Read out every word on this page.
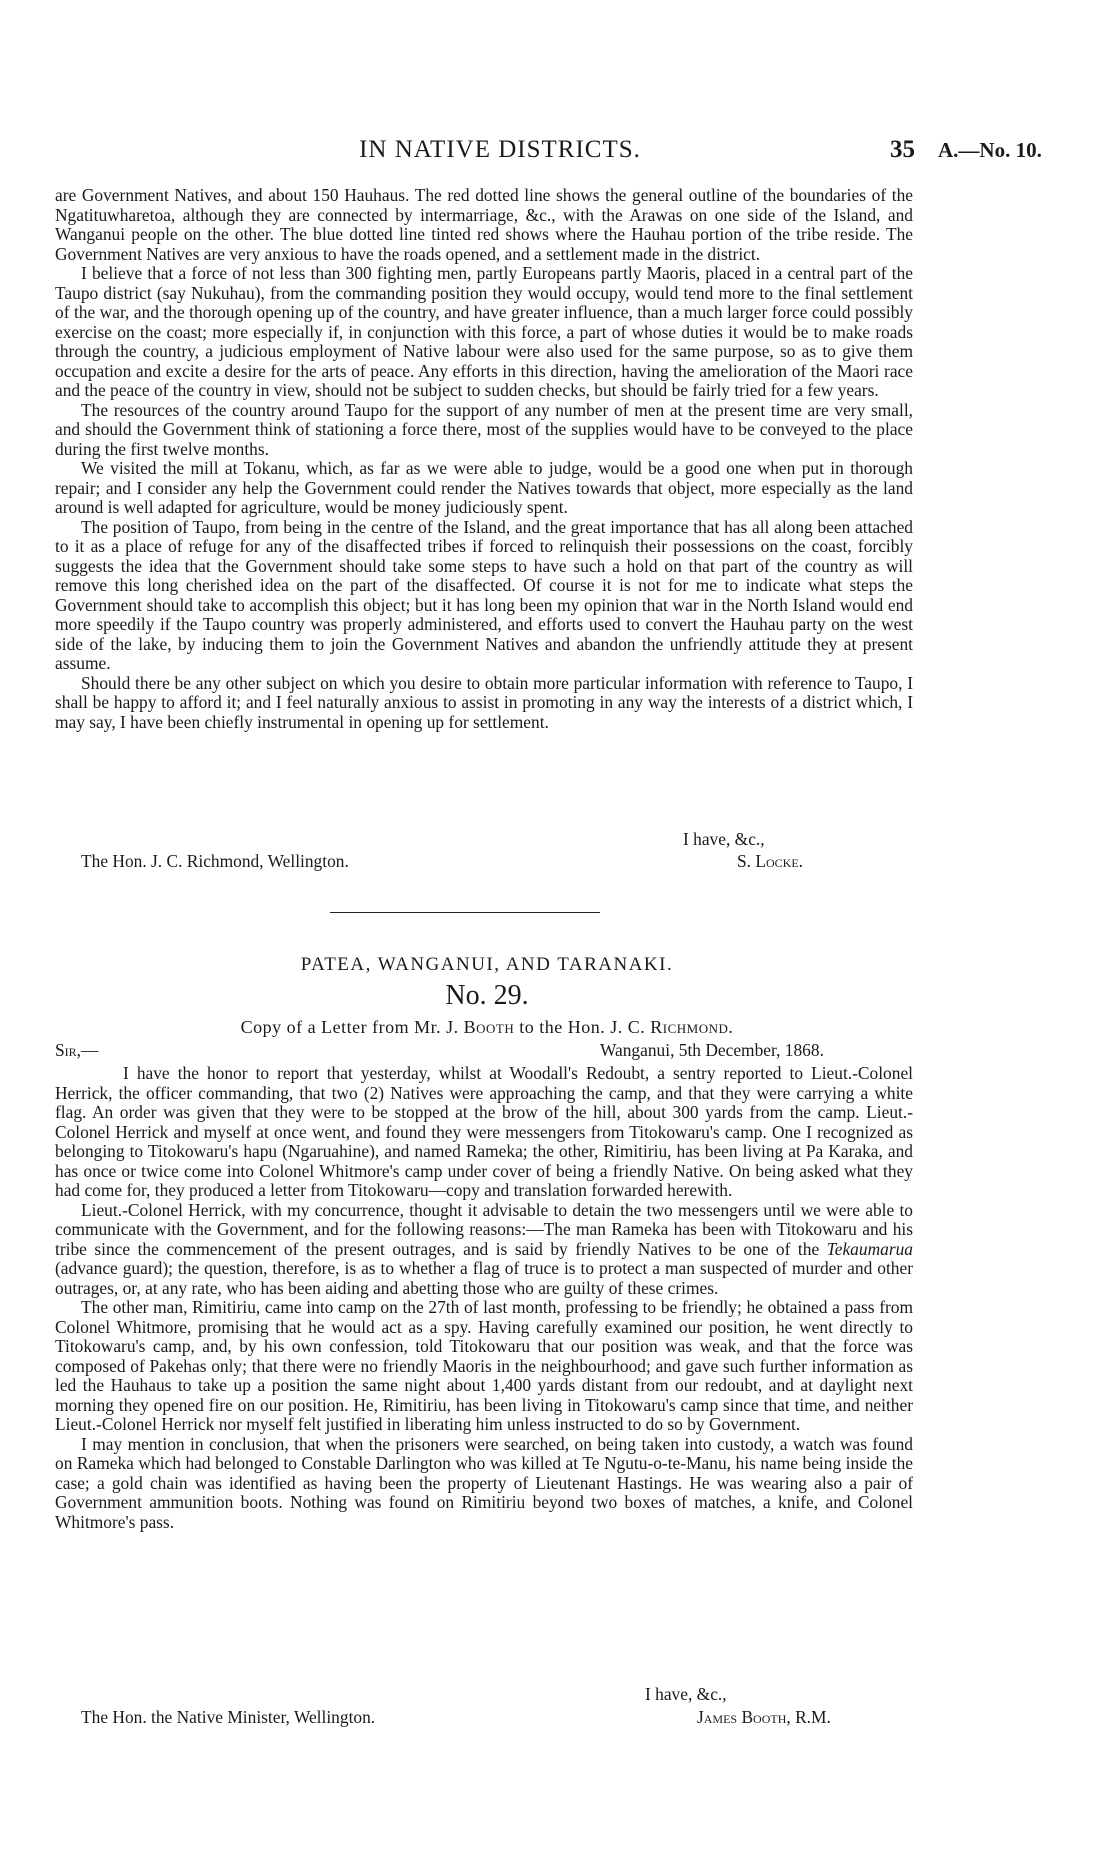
IN NATIVE DISTRICTS.	35 A.—No. 10.

are Government Natives, and about 150 Hauhaus. The red dotted line shows the general outline of the boundaries of the Ngatituwharetoa, although they are connected by intermarriage, &c., with the Arawas on one side of the Island, and Wanganui people on the other. The blue dotted line tinted red shows where the Hauhau portion of the tribe reside. The Government Natives are very anxious to have the roads opened, and a settlement made in the district.

I believe that a force of not less than 300 fighting men, partly Europeans partly Maoris, placed in a central part of the Taupo district (say Nukuhau), from the commanding position they would occupy, would tend more to the final settlement of the war, and the thorough opening up of the country, and have greater influence, than a much larger force could possibly exercise on the coast; more especially if, in conjunction with this force, a part of whose duties it would be to make roads through the country, a judicious employment of Native labour were also used for the same purpose, so as to give them occupation and excite a desire for the arts of peace. Any efforts in this direction, having the amelioration of the Maori race and the peace of the country in view, should not be subject to sudden checks, but should be fairly tried for a few years.

The resources of the country around Taupo for the support of any number of men at the present time are very small, and should the Government think of stationing a force there, most of the supplies would have to be conveyed to the place during the first twelve months.

We visited the mill at Tokanu, which, as far as we were able to judge, would be a good one when put in thorough repair; and I consider any help the Government could render the Natives towards that object, more especially as the land around is well adapted for agriculture, would be money judiciously spent.

The position of Taupo, from being in the centre of the Island, and the great importance that has all along been attached to it as a place of refuge for any of the disaffected tribes if forced to relinquish their possessions on the coast, forcibly suggests the idea that the Government should take some steps to have such a hold on that part of the country as will remove this long cherished idea on the part of the disaffected. Of course it is not for me to indicate what steps the Government should take to accomplish this object; but it has long been my opinion that war in the North Island would end more speedily if the Taupo country was properly administered, and efforts used to convert the Hauhau party on the west side of the lake, by inducing them to join the Government Natives and abandon the unfriendly attitude they at present assume.

Should there be any other subject on which you desire to obtain more particular information with reference to Taupo, I shall be happy to afford it; and I feel naturally anxious to assist in promoting in any way the interests of a district which, I may say, I have been chiefly instrumental in opening up for settlement.

I have, &c.,
The Hon. J. C. Richmond, Wellington.	S. Locke.
PATEA, WANGANUI, AND TARANAKI.
No. 29.
Copy of a Letter from Mr. J. Booth to the Hon. J. C. Richmond.
Sir,—	Wanganui, 5th December, 1868.

I have the honor to report that yesterday, whilst at Woodall's Redoubt, a sentry reported to Lieut.-Colonel Herrick, the officer commanding, that two (2) Natives were approaching the camp, and that they were carrying a white flag. An order was given that they were to be stopped at the brow of the hill, about 300 yards from the camp. Lieut.-Colonel Herrick and myself at once went, and found they were messengers from Titokowaru's camp. One I recognized as belonging to Titokowaru's hapu (Ngaruahine), and named Rameka; the other, Rimitiriu, has been living at Pa Karaka, and has once or twice come into Colonel Whitmore's camp under cover of being a friendly Native. On being asked what they had come for, they produced a letter from Titokowaru—copy and translation forwarded herewith.

Lieut.-Colonel Herrick, with my concurrence, thought it advisable to detain the two messengers until we were able to communicate with the Government, and for the following reasons:—The man Rameka has been with Titokowaru and his tribe since the commencement of the present outrages, and is said by friendly Natives to be one of the Tekaumarua (advance guard); the question, therefore, is as to whether a flag of truce is to protect a man suspected of murder and other outrages, or, at any rate, who has been aiding and abetting those who are guilty of these crimes.

The other man, Rimitiriu, came into camp on the 27th of last month, professing to be friendly; he obtained a pass from Colonel Whitmore, promising that he would act as a spy. Having carefully examined our position, he went directly to Titokowaru's camp, and, by his own confession, told Titokowaru that our position was weak, and that the force was composed of Pakehas only; that there were no friendly Maoris in the neighbourhood; and gave such further information as led the Hauhaus to take up a position the same night about 1,400 yards distant from our redoubt, and at daylight next morning they opened fire on our position. He, Rimitiriu, has been living in Titokowaru's camp since that time, and neither Lieut.-Colonel Herrick nor myself felt justified in liberating him unless instructed to do so by Government.

I may mention in conclusion, that when the prisoners were searched, on being taken into custody, a watch was found on Rameka which had belonged to Constable Darlington who was killed at Te Ngutu-o-te-Manu, his name being inside the case; a gold chain was identified as having been the property of Lieutenant Hastings. He was wearing also a pair of Government ammunition boots. Nothing was found on Rimitiriu beyond two boxes of matches, a knife, and Colonel Whitmore's pass.

I have, &c.,
The Hon. the Native Minister, Wellington.	James Booth, R.M.
